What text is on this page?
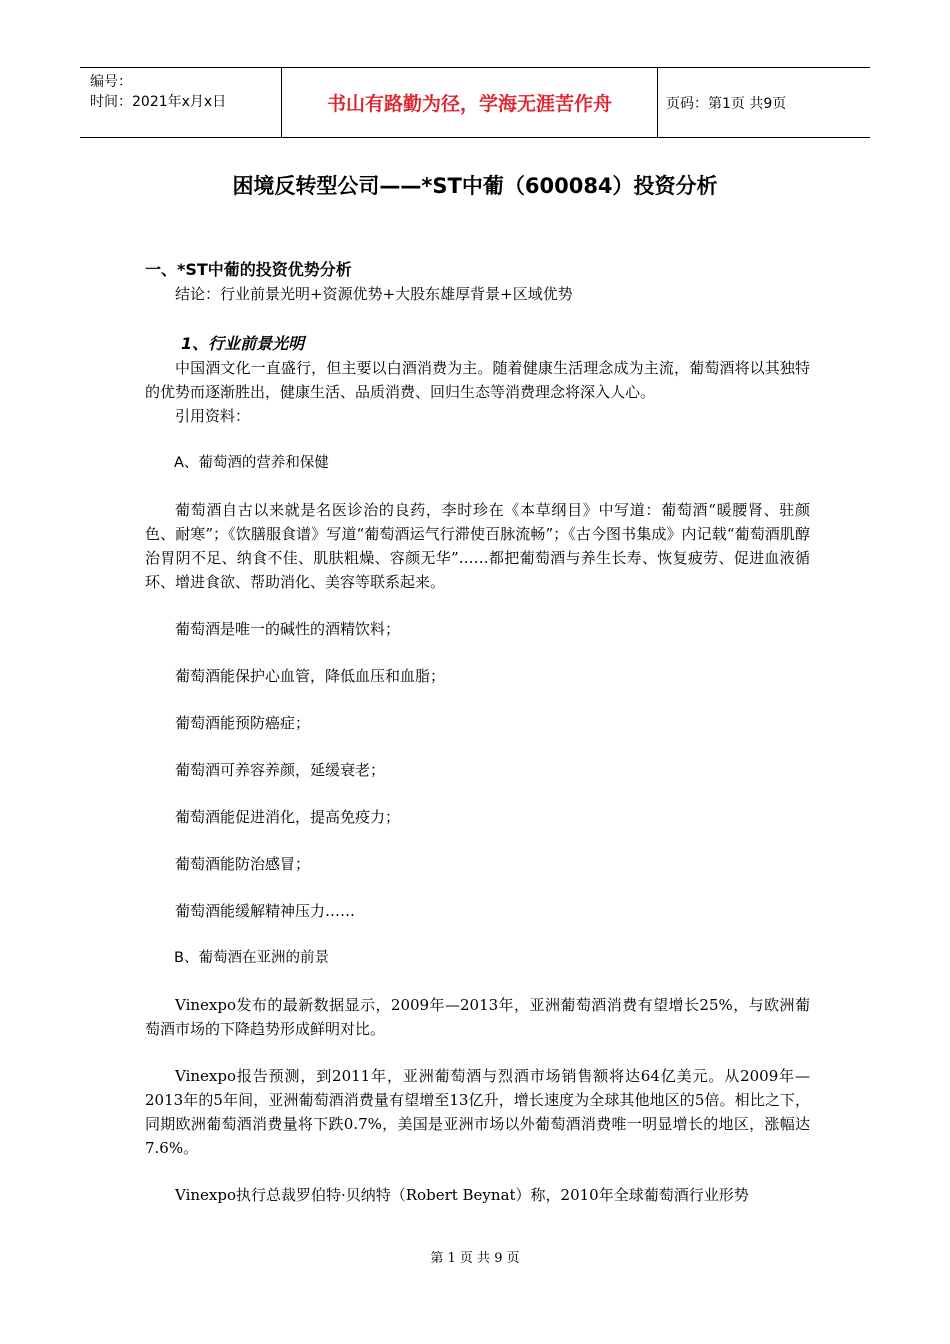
编号：
时间：2021年x月x日	书山有路勤为径，学海无涯苦作舟	页码：第1页 共9页
困境反转型公司——*ST中葡（600084）投资分析

一、*ST中葡的投资优势分析

结论：行业前景光明+资源优势+大股东雄厚背景+区域优势

1、行业前景光明

中国酒文化一直盛行，但主要以白酒消费为主。随着健康生活理念成为主流，葡萄酒将以其独特的优势而逐渐胜出，健康生活、品质消费、回归生态等消费理念将深入人心。

引用资料：

A、葡萄酒的营养和保健

葡萄酒自古以来就是名医诊治的良药，李时珍在《本草纲目》中写道：葡萄酒“暖腰肾、驻颜色、耐寒”；《饮膳服食谱》写道“葡萄酒运气行滞使百脉流畅”；《古今图书集成》内记载“葡萄酒肌醇治胃阴不足、纳食不佳、肌肤粗燥、容颜无华”……都把葡萄酒与养生长寿、恢复疲劳、促进血液循环、增进食欲、帮助消化、美容等联系起来。

葡萄酒是唯一的碱性的酒精饮料；

葡萄酒能保护心血管，降低血压和血脂；

葡萄酒能预防癌症；

葡萄酒可养容养颜，延缓衰老；

葡萄酒能促进消化，提高免疫力；

葡萄酒能防治感冒；

葡萄酒能缓解精神压力……

B、葡萄酒在亚洲的前景

Vinexpo发布的最新数据显示，2009年—2013年，亚洲葡萄酒消费有望增长25%，与欧洲葡萄酒市场的下降趋势形成鲜明对比。

Vinexpo报告预测，到2011年，亚洲葡萄酒与烈酒市场销售额将达64亿美元。从2009年—2013年的5年间，亚洲葡萄酒消费量有望增至13亿升，增长速度为全球其他地区的5倍。相比之下，同期欧洲葡萄酒消费量将下跌0.7%，美国是亚洲市场以外葡萄酒消费唯一明显增长的地区，涨幅达7.6%。

Vinexpo执行总裁罗伯特·贝纳特（Robert Beynat）称，2010年全球葡萄酒行业形势

第 1 页 共 9 页
